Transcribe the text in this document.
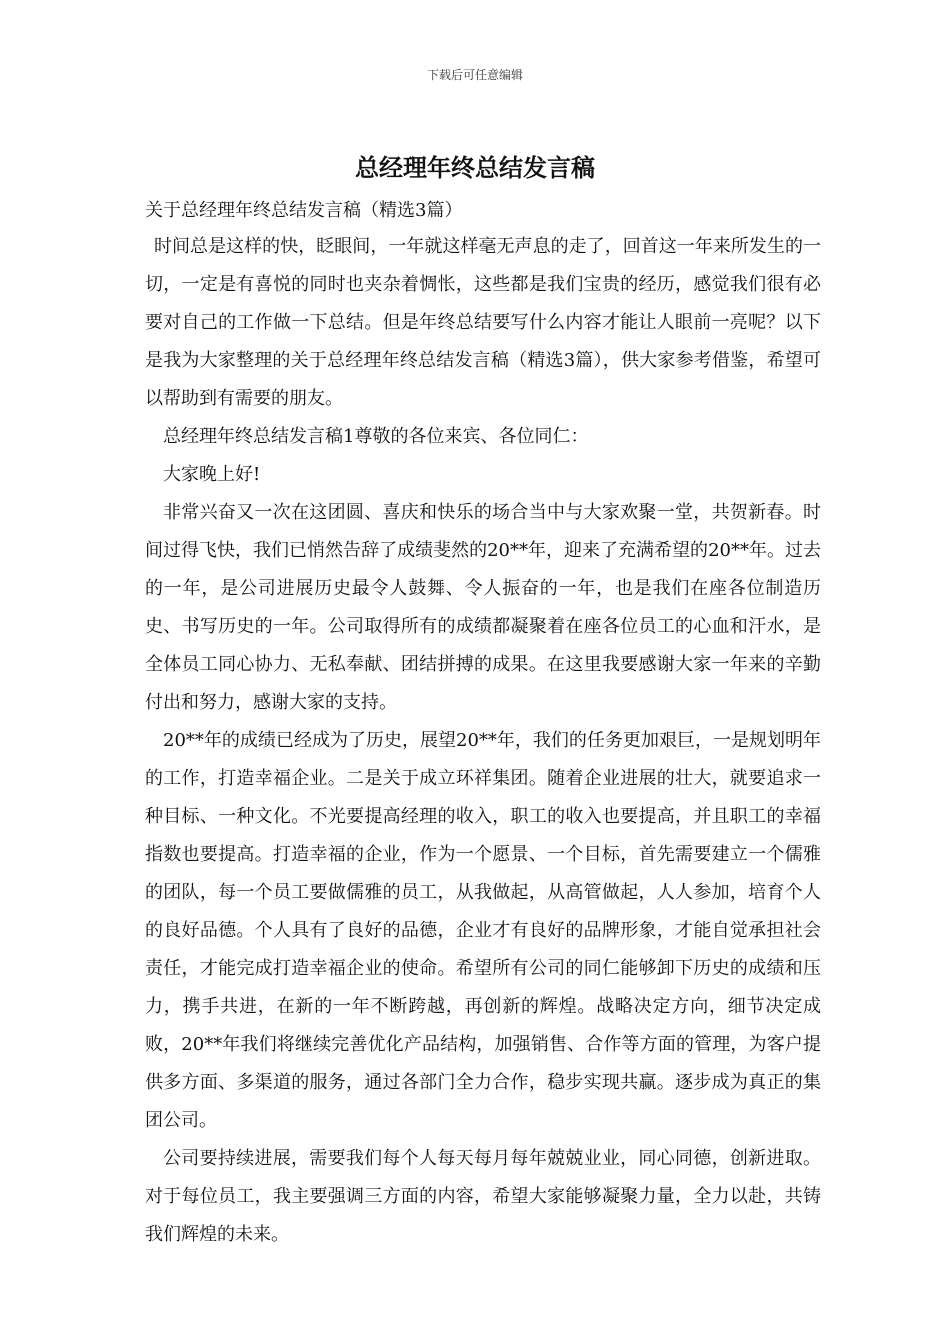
下载后可任意编辑
总经理年终总结发言稿

关于总经理年终总结发言稿（精选3篇）

时间总是这样的快，眨眼间，一年就这样毫无声息的走了，回首这一年来所发生的一切，一定是有喜悦的同时也夹杂着惆怅，这些都是我们宝贵的经历，感觉我们很有必要对自己的工作做一下总结。但是年终总结要写什么内容才能让人眼前一亮呢？以下是我为大家整理的关于总经理年终总结发言稿（精选3篇），供大家参考借鉴，希望可以帮助到有需要的朋友。

总经理年终总结发言稿1尊敬的各位来宾、各位同仁：

大家晚上好!

非常兴奋又一次在这团圆、喜庆和快乐的场合当中与大家欢聚一堂，共贺新春。时间过得飞快，我们已悄然告辞了成绩斐然的20**年，迎来了充满希望的20**年。过去的一年，是公司进展历史最令人鼓舞、令人振奋的一年，也是我们在座各位制造历史、书写历史的一年。公司取得所有的成绩都凝聚着在座各位员工的心血和汗水，是全体员工同心协力、无私奉献、团结拼搏的成果。在这里我要感谢大家一年来的辛勤付出和努力，感谢大家的支持。

20**年的成绩已经成为了历史，展望20**年，我们的任务更加艰巨，一是规划明年的工作，打造幸福企业。二是关于成立环祥集团。随着企业进展的壮大，就要追求一种目标、一种文化。不光要提高经理的收入，职工的收入也要提高，并且职工的幸福指数也要提高。打造幸福的企业，作为一个愿景、一个目标，首先需要建立一个儒雅的团队，每一个员工要做儒雅的员工，从我做起，从高管做起，人人参加，培育个人的良好品德。个人具有了良好的品德，企业才有良好的品牌形象，才能自觉承担社会责任，才能完成打造幸福企业的使命。希望所有公司的同仁能够卸下历史的成绩和压力，携手共进，在新的一年不断跨越，再创新的辉煌。战略决定方向，细节决定成败，20**年我们将继续完善优化产品结构，加强销售、合作等方面的管理，为客户提供多方面、多渠道的服务，通过各部门全力合作，稳步实现共赢。逐步成为真正的集团公司。

公司要持续进展，需要我们每个人每天每月每年兢兢业业，同心同德，创新进取。对于每位员工，我主要强调三方面的内容，希望大家能够凝聚力量，全力以赴，共铸我们辉煌的未来。
